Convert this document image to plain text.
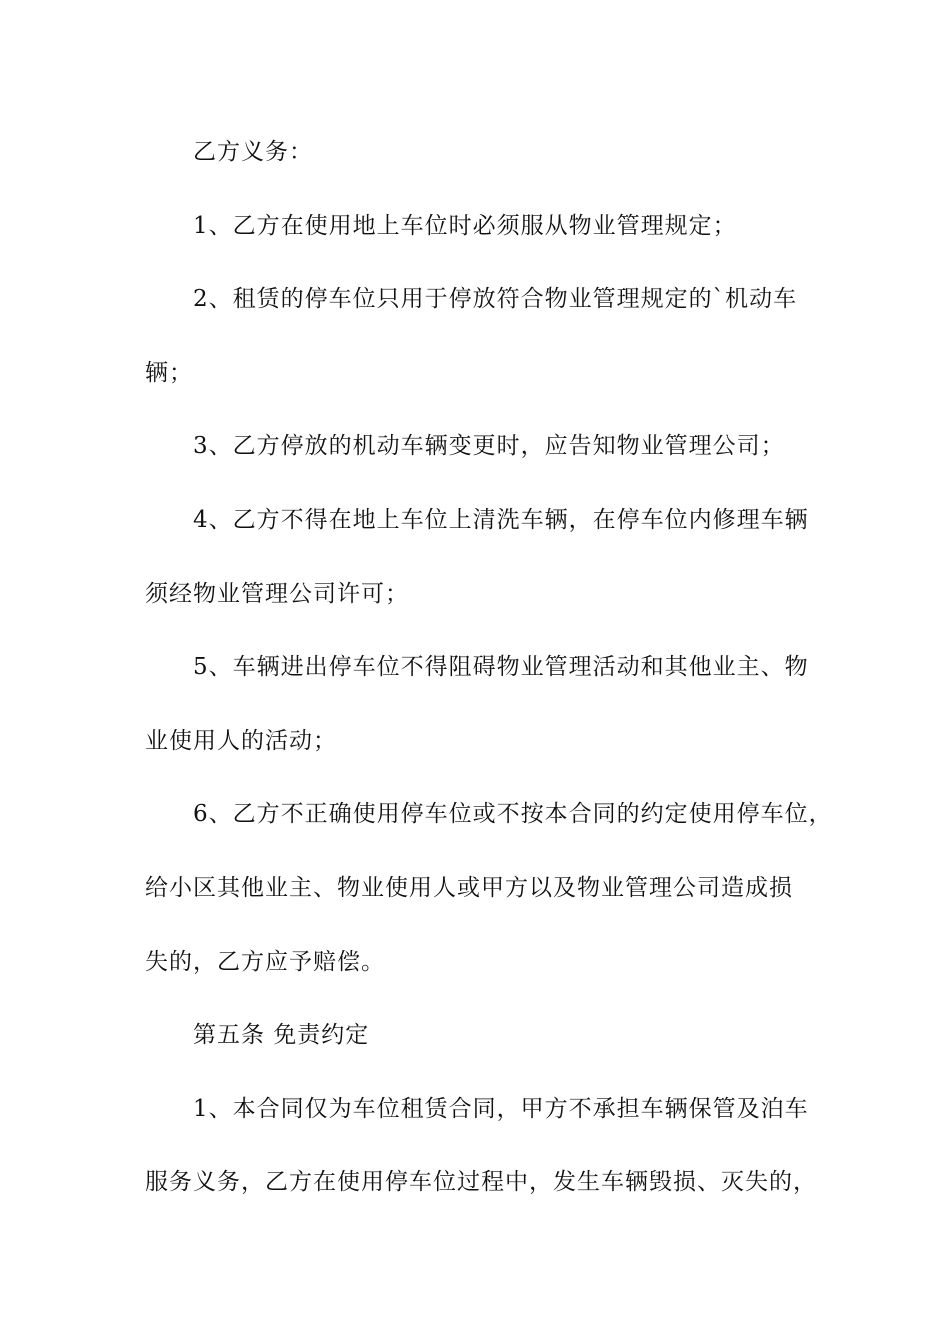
乙方义务：
1、乙方在使用地上车位时必须服从物业管理规定；
2、租赁的停车位只用于停放符合物业管理规定的`机动车
辆；
3、乙方停放的机动车辆变更时，应告知物业管理公司；
4、乙方不得在地上车位上清洗车辆，在停车位内修理车辆
须经物业管理公司许可；
5、车辆进出停车位不得阻碍物业管理活动和其他业主、物
业使用人的活动；
6、乙方不正确使用停车位或不按本合同的约定使用停车位，
给小区其他业主、物业使用人或甲方以及物业管理公司造成损
失的，乙方应予赔偿。
第五条 免责约定
1、本合同仅为车位租赁合同，甲方不承担车辆保管及泊车
服务义务，乙方在使用停车位过程中，发生车辆毁损、灭失的，
